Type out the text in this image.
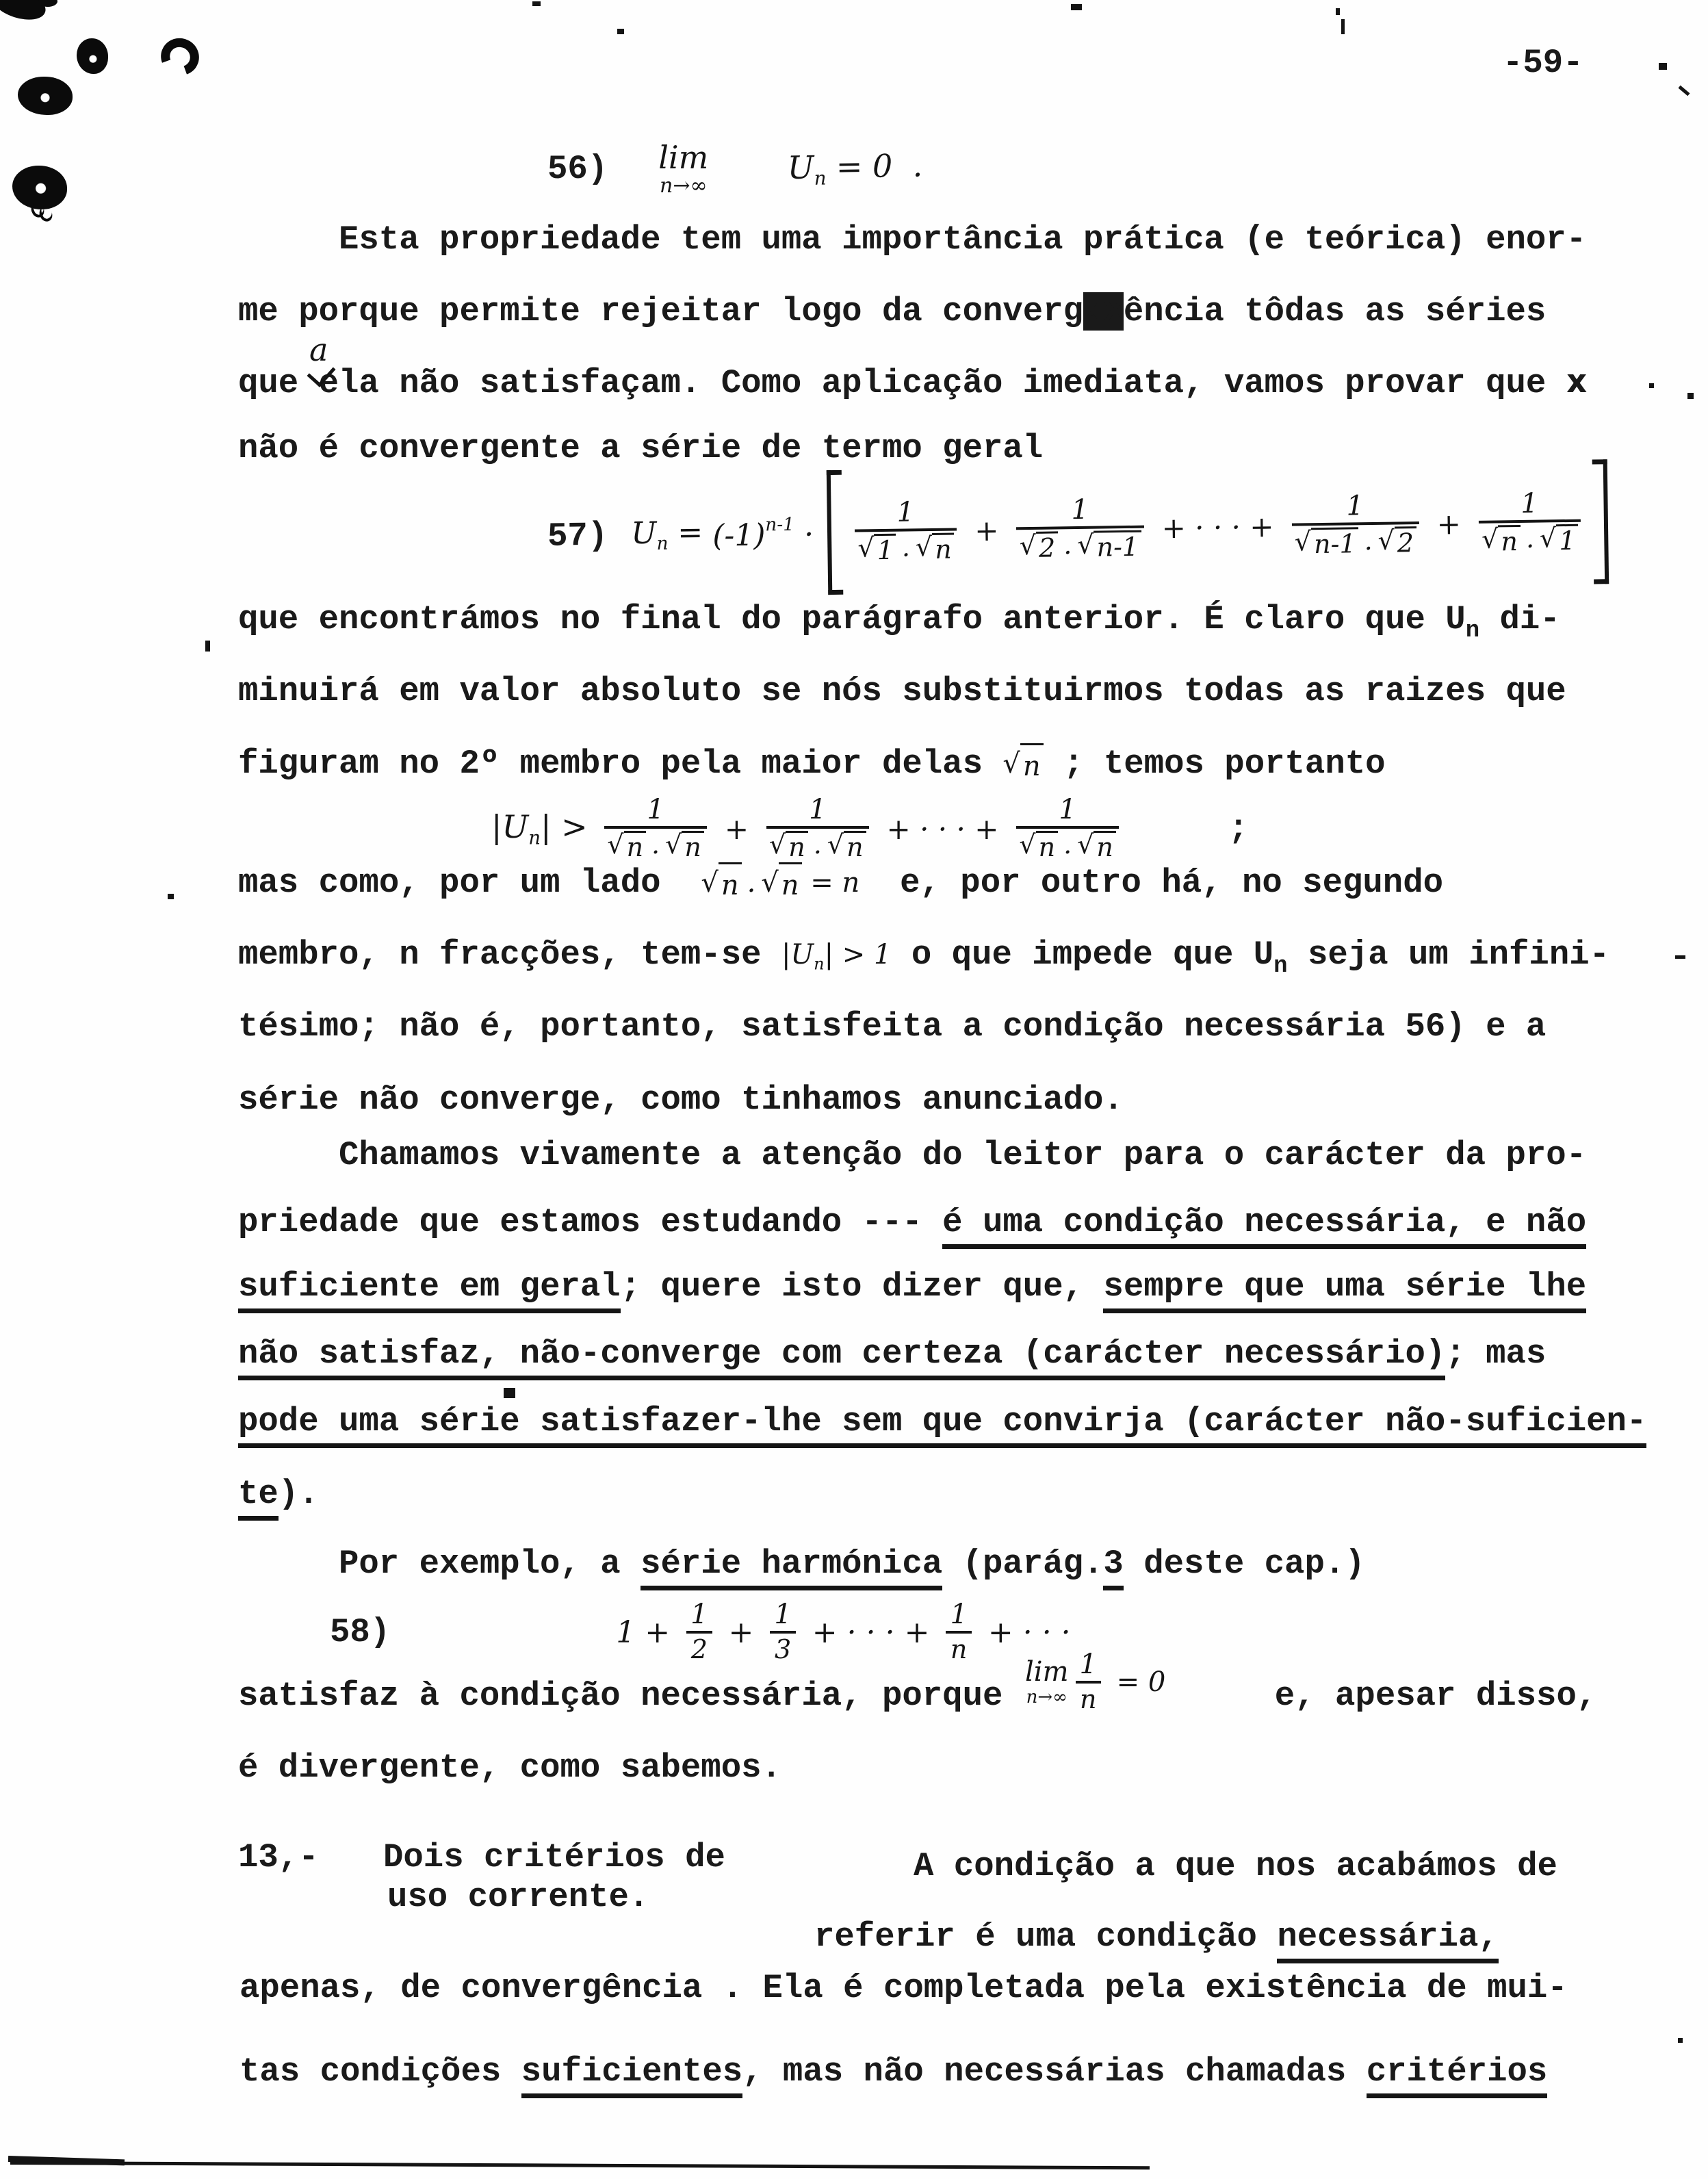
-59-
56) lim
n→∞	$U_n = 0$  .

Esta propriedade tem uma importância prática (e teórica) enor-
me porque permite rejeitar logo da convergxxência tôdas as séries
que ela não satisfaçam. Como aplicação imediata, vamos provar que x
a
não é convergente a série de termo geral
57) $U_n = (-1)^{n-1}$ ·
1
√ 1 . √ n
+
1
√ 2 . √ n-1
+ · · · +
1
√ n-1 . √ 2
+
1
√ n . √ 1
que encontrámos no final do parágrafo anterior. É claro que $U_n$ di-
minuirá em valor absoluto se nós substituirmos todas as raizes que
figuram no 2º membro pela maior delas √ n ; temos portanto
$|U_n| > \frac{1}{√ n . √ n} + \frac{1}{√ n . √ n}$ + · · · + $\frac{1}{√ n . √ n}$	;
mas como, por um lado √ n . √ n = n  e, por outro há, no segundo
membro, n fracções, tem-se $|U_n| > 1$ o que impede que $U_n$ seja um infini-
tésimo; não é, portanto, satisfeita a condição necessária 56) e a
série não converge, como tinhamos anunciado.
Chamamos vivamente a atenção do leitor para o carácter da pro-
priedade que estamos estudando --- é uma condição necessária, e não
suficiente em geral; quere isto dizer que, sempre que uma série lhe
não satisfaz, não-converge com certeza (carácter necessário); mas
pode uma série satisfazer-lhe sem que convirja (carácter não-suficien-
te).
Por exemplo, a série harmónica (parág.3 deste cap.)
58)	$1 + \frac{1}{2} + \frac{1}{3}$ + · · · + $\frac{1}{n}$ + · · ·
satisfaz à condição necessária, porque	e, apesar disso,
lim
$n\to\infty \frac{1}{n} = 0$
é divergente, como sabemos.
13,- Dois critérios de
uso corrente.
A condição a que nos acabámos de
referir é uma condição necessária,
apenas, de convergência . Ela é completada pela existência de mui-
tas condições suficientes, mas não necessárias chamadas critérios
